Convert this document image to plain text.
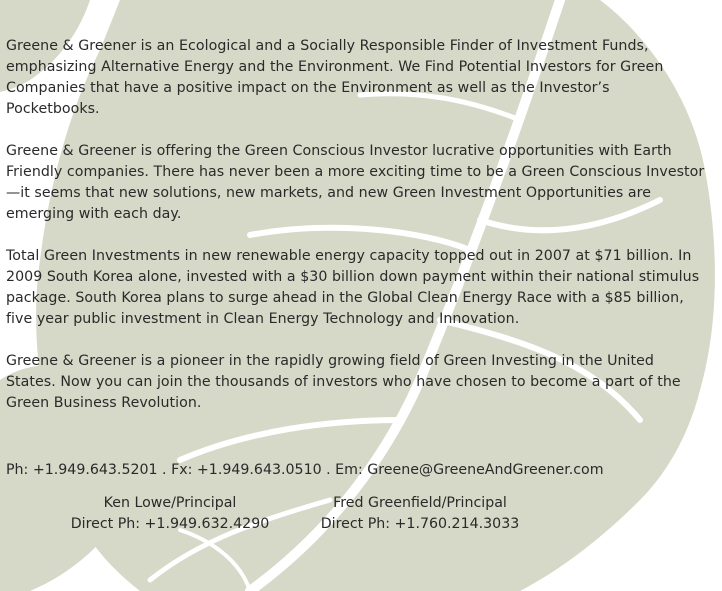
Greene & Greener is an Ecological and a Socially Responsible Finder of Investment Funds, emphasizing Alternative Energy and the Environment. We Find Potential Investors for Green Companies that have a positive impact on the Environment as well as the Investor’s Pocketbooks.

Greene & Greener is offering the Green Conscious Investor lucrative opportunities with Earth Friendly companies. There has never been a more exciting time to be a Green Conscious Investor—it seems that new solutions, new markets, and new Green Investment Opportunities are emerging with each day.

Total Green Investments in new renewable energy capacity topped out in 2007 at $71 billion. In 2009 South Korea alone, invested with a $30 billion down payment within their national stimulus package. South Korea plans to surge ahead in the Global Clean Energy Race with a $85 billion, five year public investment in Clean Energy Technology and Innovation.

Greene & Greener is a pioneer in the rapidly growing field of Green Investing in the United States. Now you can join the thousands of investors who have chosen to become a part of the Green Business Revolution.

Ph: +1.949.643.5201 . Fx: +1.949.643.0510 . Em: Greene@GreeneAndGreener.com

Ken Lowe/Principal
Direct Ph: +1.949.632.4290
Fred Greenfield/Principal
Direct Ph: +1.760.214.3033
